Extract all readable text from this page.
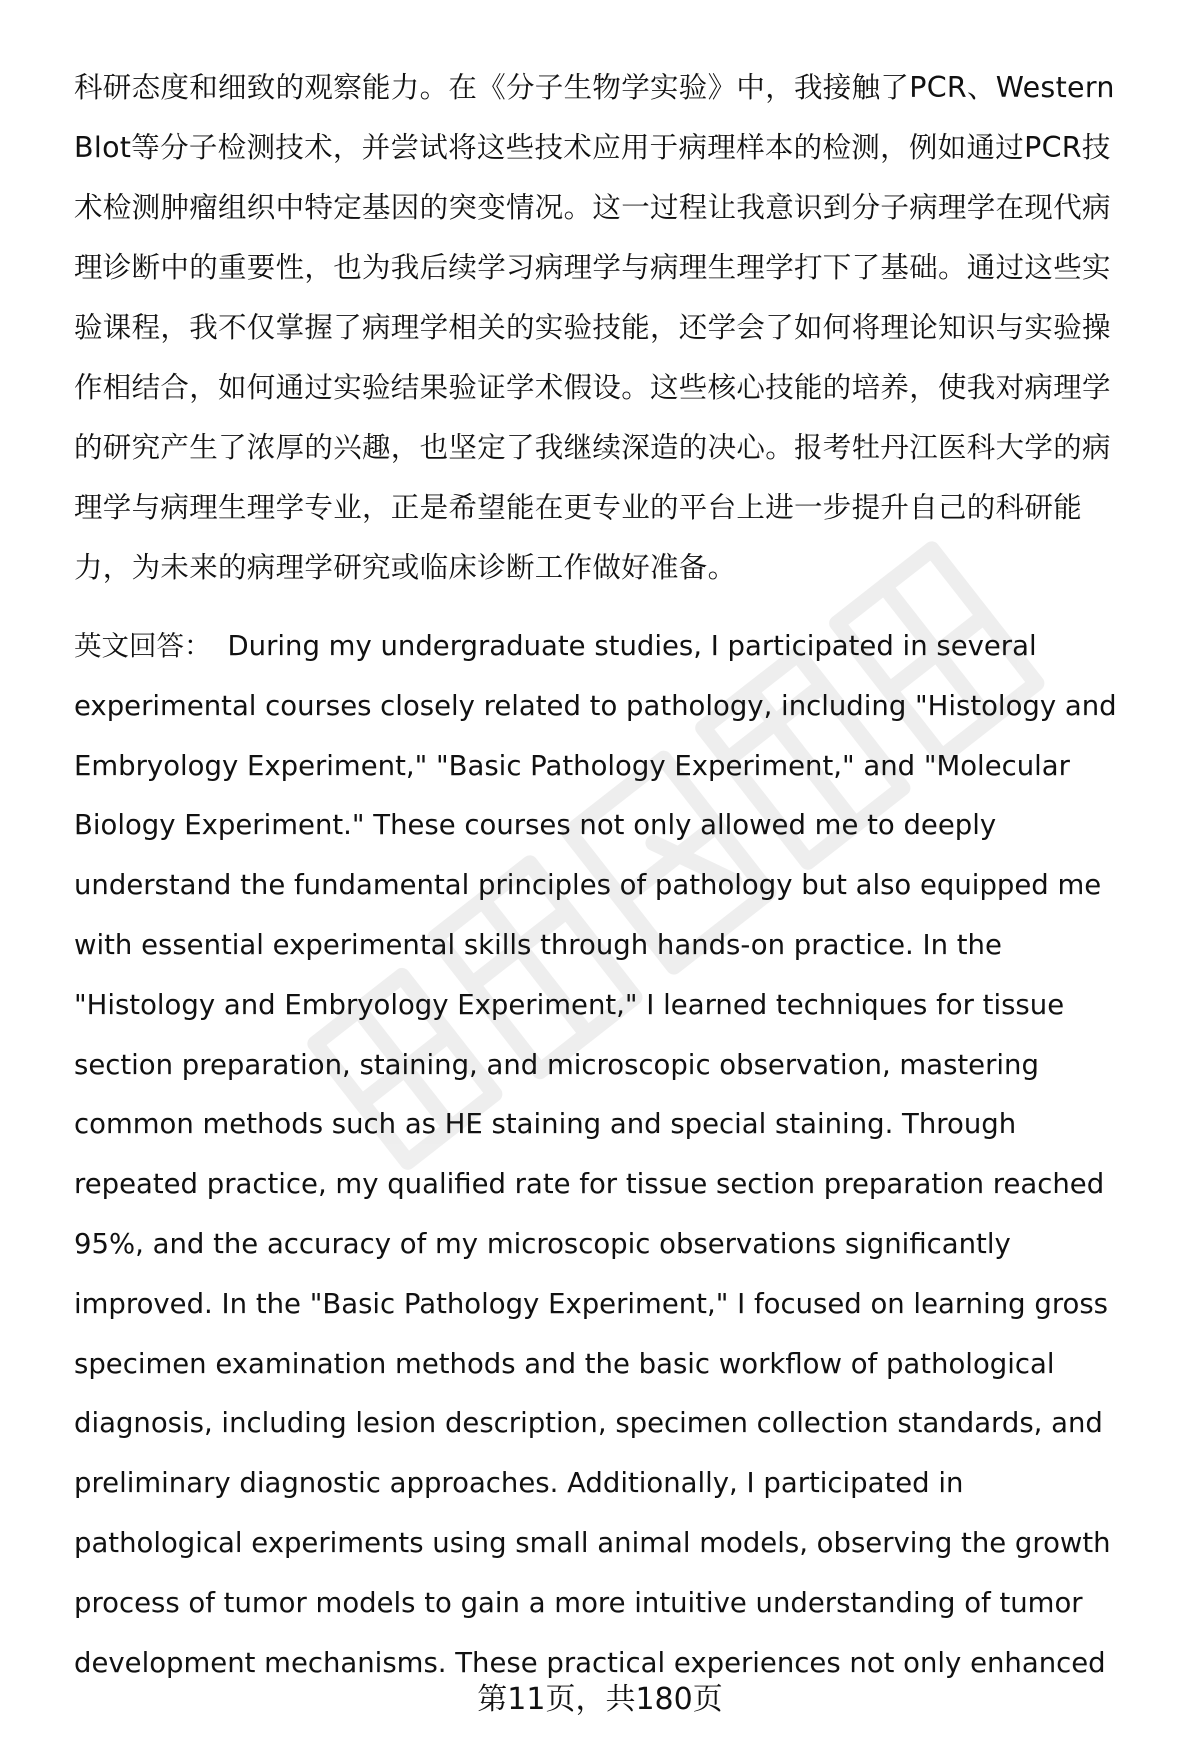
科研态度和细致的观察能力。在《分子生物学实验》中，我接触了PCR、Western
Blot等分子检测技术，并尝试将这些技术应用于病理样本的检测，例如通过PCR技
术检测肿瘤组织中特定基因的突变情况。这一过程让我意识到分子病理学在现代病
理诊断中的重要性，也为我后续学习病理学与病理生理学打下了基础。通过这些实
验课程，我不仅掌握了病理学相关的实验技能，还学会了如何将理论知识与实验操
作相结合，如何通过实验结果验证学术假设。这些核心技能的培养，使我对病理学
的研究产生了浓厚的兴趣，也坚定了我继续深造的决心。报考牡丹江医科大学的病
理学与病理生理学专业，正是希望能在更专业的平台上进一步提升自己的科研能
力，为未来的病理学研究或临床诊断工作做好准备。
英文回答： During my undergraduate studies, I participated in several
experimental courses closely related to pathology, including "Histology and
Embryology Experiment," "Basic Pathology Experiment," and "Molecular
Biology Experiment." These courses not only allowed me to deeply
understand the fundamental principles of pathology but also equipped me
with essential experimental skills through hands-on practice. In the
"Histology and Embryology Experiment," I learned techniques for tissue
section preparation, staining, and microscopic observation, mastering
common methods such as HE staining and special staining. Through
repeated practice, my qualified rate for tissue section preparation reached
95%, and the accuracy of my microscopic observations significantly
improved. In the "Basic Pathology Experiment," I focused on learning gross
specimen examination methods and the basic workflow of pathological
diagnosis, including lesion description, specimen collection standards, and
preliminary diagnostic approaches. Additionally, I participated in
pathological experiments using small animal models, observing the growth
process of tumor models to gain a more intuitive understanding of tumor
development mechanisms. These practical experiences not only enhanced
第11页，共180页
